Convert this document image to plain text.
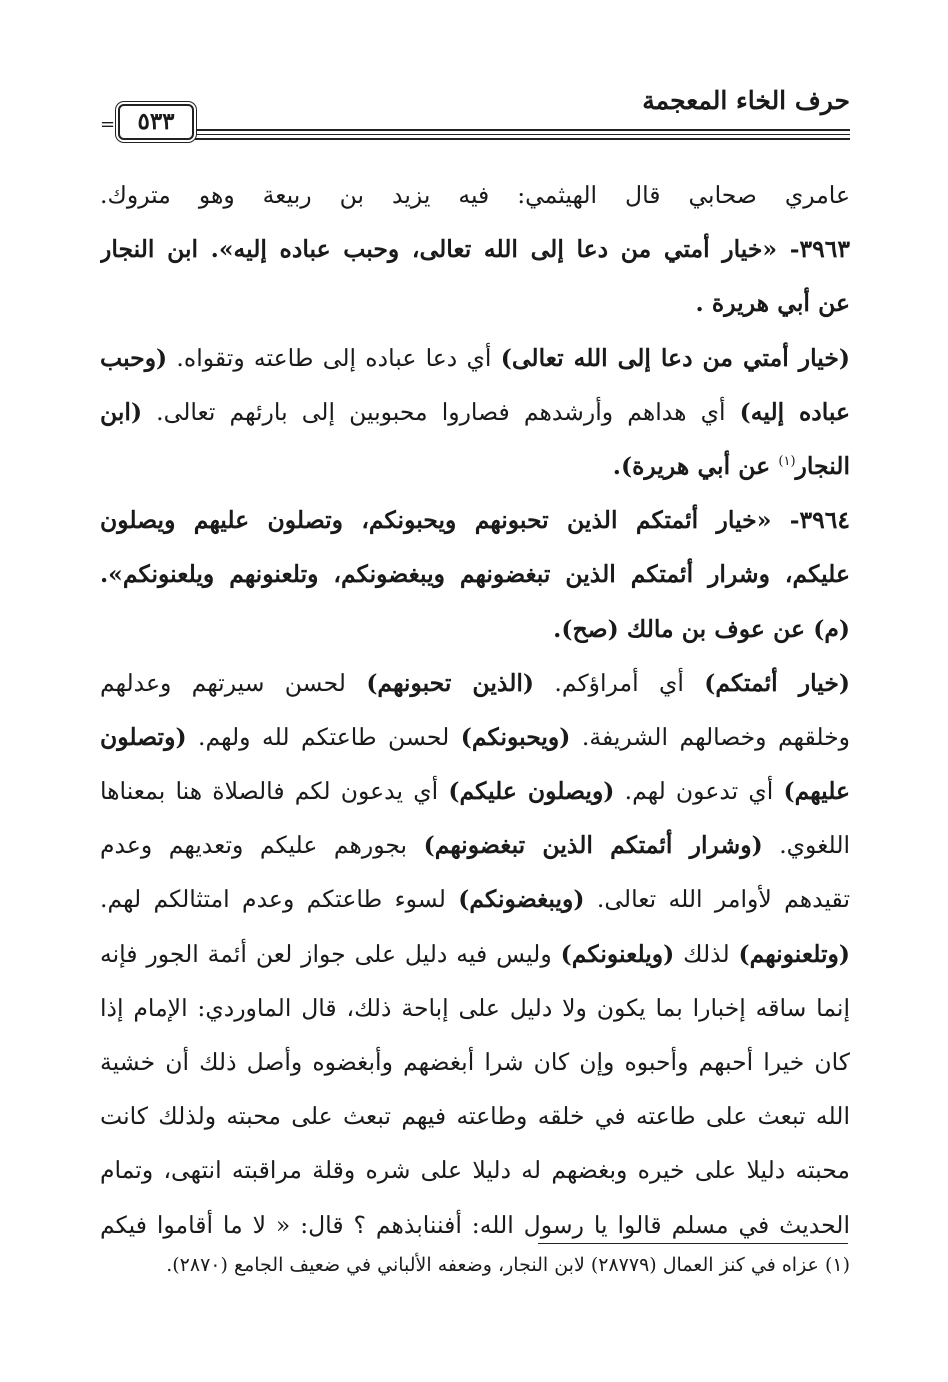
حرف الخاء المعجمة
٥٣٣
=
عامري صحابي قال الهيثمي: فيه يزيد بن ربيعة وهو متروك.
٣٩٦٣- «خيار أمتي من دعا إلى الله تعالى، وحبب عباده إليه». ابن النجار
عن أبي هريرة .
(خيار أمتي من دعا إلى الله تعالى) أي دعا عباده إلى طاعته وتقواه. (وحبب
عباده إليه) أي هداهم وأرشدهم فصاروا محبوبين إلى بارئهم تعالى. (ابن
النجار$^{(١)}$ عن أبي هريرة).
٣٩٦٤- «خيار أئمتكم الذين تحبونهم ويحبونكم، وتصلون عليهم ويصلون
عليكم، وشرار أئمتكم الذين تبغضونهم ويبغضونكم، وتلعنونهم ويلعنونكم».
(م) عن عوف بن مالك (صح).
(خيار أئمتكم) أي أمراؤكم. (الذين تحبونهم) لحسن سيرتهم وعدلهم
وخلقهم وخصالهم الشريفة. (ويحبونكم) لحسن طاعتكم لله ولهم. (وتصلون
عليهم) أي تدعون لهم. (ويصلون عليكم) أي يدعون لكم فالصلاة هنا بمعناها
اللغوي. (وشرار أئمتكم الذين تبغضونهم) بجورهم عليكم وتعديهم وعدم
تقيدهم لأوامر الله تعالى. (ويبغضونكم) لسوء طاعتكم وعدم امتثالكم لهم.
(وتلعنونهم) لذلك (ويلعنونكم) وليس فيه دليل على جواز لعن أئمة الجور فإنه
إنما ساقه إخبارا بما يكون ولا دليل على إباحة ذلك، قال الماوردي: الإمام إذا
كان خيرا أحبهم وأحبوه وإن كان شرا أبغضهم وأبغضوه وأصل ذلك أن خشية
الله تبعث على طاعته في خلقه وطاعته فيهم تبعث على محبته ولذلك كانت
محبته دليلا على خيره وبغضهم له دليلا على شره وقلة مراقبته انتهى، وتمام
الحديث في مسلم قالوا يا رسول الله: أفننابذهم ؟ قال: « لا ما أقاموا فيكم
(١) عزاه في كنز العمال (٢٨٧٧٩) لابن النجار، وضعفه الألباني في ضعيف الجامع (٢٨٧٠).
